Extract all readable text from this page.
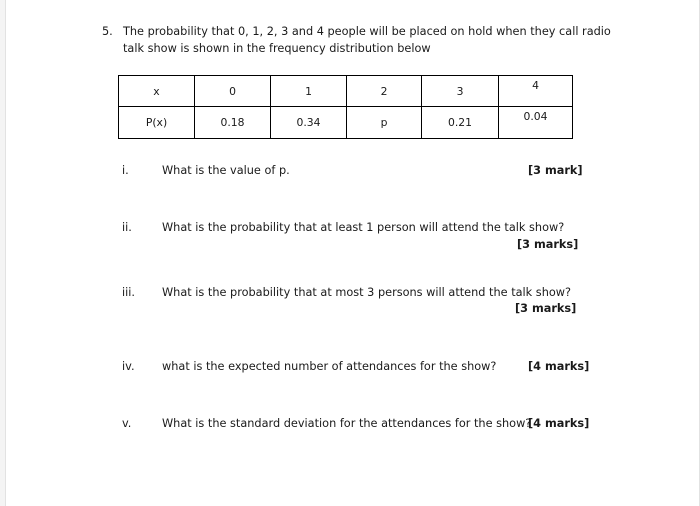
5. The probability that 0, 1, 2, 3 and 4 people will be placed on hold when they call radio talk show is shown in the frequency distribution below
x	0	1	2	3	4
P(x)	0.18	0.34	p	0.21	0.04
i.	What is the value of p.	[3 mark]
ii.	What is the probability that at least 1 person will attend the talk show?
[3 marks]
iii. What is the probability that at most 3 persons will attend the talk show?
[3 marks]
iv. what is the expected number of attendances for the show?	[4 marks]
v.	What is the standard deviation for the attendances for the show?
[4 marks]
